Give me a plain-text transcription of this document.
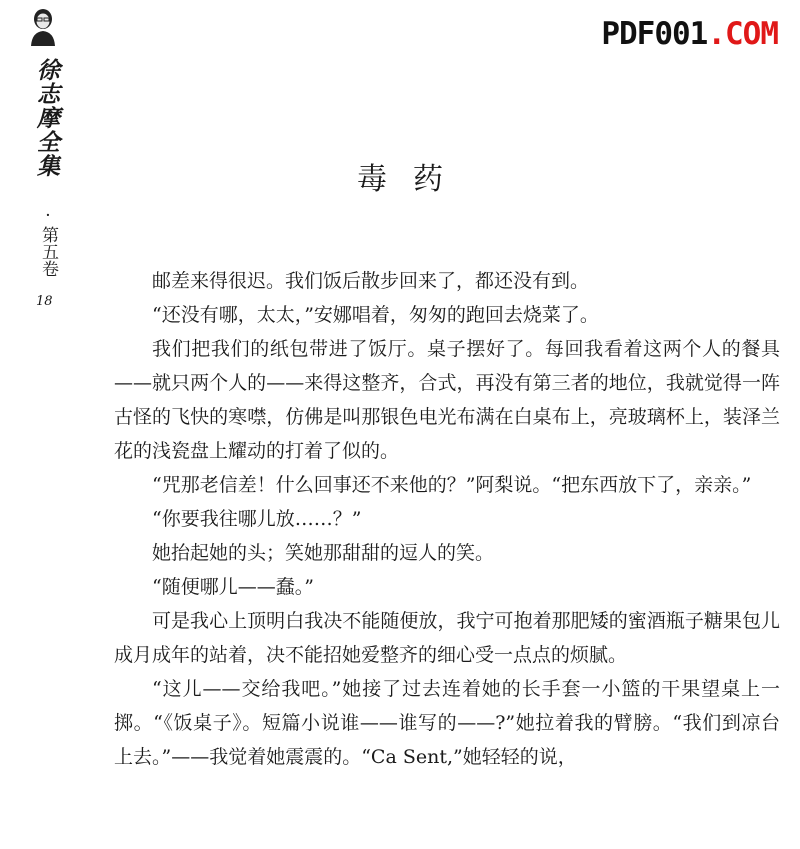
徐志摩全集
·第五卷
18
PDF001.COM
毒药

邮差来得很迟。我们饭后散步回来了，都还没有到。

“还没有哪，太太，”安娜唱着，匆匆的跑回去烧菜了。

我们把我们的纸包带进了饭厅。桌子摆好了。每回我看着这两个人的餐具——就只两个人的——来得这整齐，合式，再没有第三者的地位，我就觉得一阵古怪的飞快的寒噤，仿佛是叫那银色电光布满在白桌布上，亮玻璃杯上，装泽兰花的浅瓷盘上耀动的打着了似的。

“咒那老信差！什么回事还不来他的？”阿梨说。“把东西放下了，亲亲。”

“你要我往哪儿放……？”

她抬起她的头；笑她那甜甜的逗人的笑。

“随便哪儿——蠢。”

可是我心上顶明白我决不能随便放，我宁可抱着那肥矮的蜜酒瓶子糖果包儿成月成年的站着，决不能招她爱整齐的细心受一点点的烦腻。

“这儿——交给我吧。”她接了过去连着她的长手套一小篮的干果望桌上一掷。“《饭桌子》。短篇小说谁——谁写的——?”她拉着我的臂膀。“我们到凉台上去。”——我觉着她震震的。“Ca Sent,”她轻轻的说，
